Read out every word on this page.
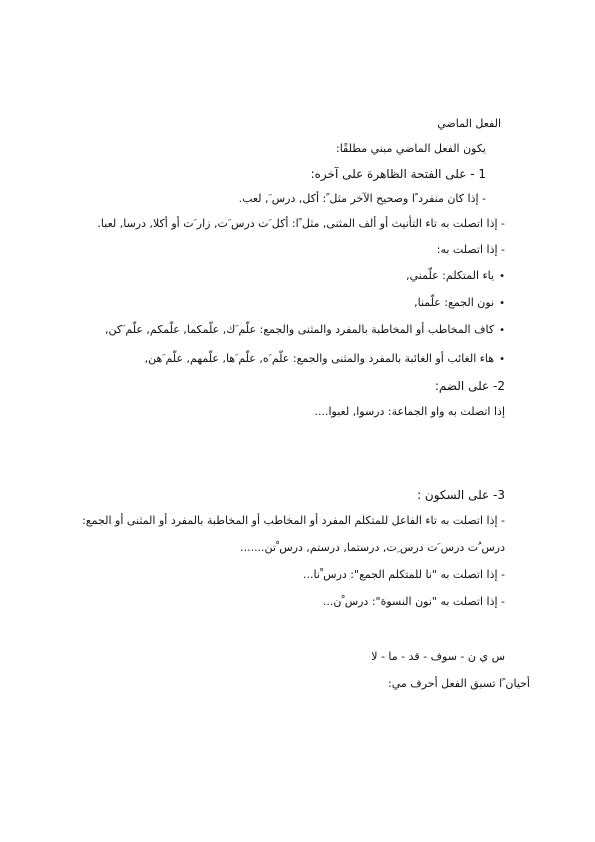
الفعل الماضي
يكون الفعل الماضي مبني مطلقًا:
1 - على الفتحة الظاهرة على آخره:
- إذا كان منفرد ًا وصحيح الآخر مثل ً: أكل, درس َ, لعب.
- إذا اتصلت به تاء التأنيث أو ألف المثنى, مثل ًا: أكل َت درس َت, زار َت أو أكلا, درسا, لعبا.
- إذا اتصلت به:
•ياء المتكلم: علّمني,
•نون الجمع: علّمنا,
•كاف المخاطب أو المخاطبة بالمفرد والمثنى والجمع: علّم َك, علّمكما, علّمكم, علّم َكن,
•هاء الغائب أو الغائبة بالمفرد والمثنى والجمع: علّم َه, علّم َها, علّمهم, علّم َهن,
2- على الضم:
إذا اتصلت به واو الجماعة: درسوا, لعبوا....
3- على السكون :
- إذا اتصلت به تاء الفاعل للمتكلم المفرد أو المخاطب أو المخاطبة بالمفرد أو المثنى أو الجمع:
درس ُت درس َت درس ِت, درستما, درستم, درس ْتن.......
- إذا اتصلت به "نا للمتكلم الجمع": درس ْنا...
- إذا اتصلت به "نون النسوة": درس ْن...
س ي ن - سوف - قد - ما - لا
أحيان ًا تسبق الفعل أحرف مي:
